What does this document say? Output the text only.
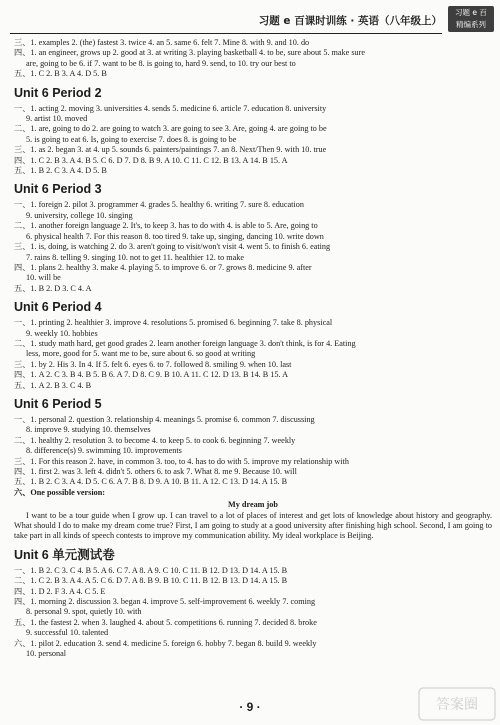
习题 e 百课时训练 · 英语（八年级上）
习题 e 百
精编系列
三、1. examples 2. (the) fastest 3. twice 4. an 5. same 6. felt 7. Mine 8. with 9. and 10. do
四、1. an engineer, grows up 2. good at 3. at writing 3. playing basketball 4. to be, sure about 5. make sure
are, going to be 6. if 7. want to be 8. is going to, hard 9. send, to 10. try our best to
五、1. C 2. B 3. A 4. D 5. B
Unit 6 Period 2
一、1. acting 2. moving 3. universities 4. sends 5. medicine 6. article 7. education 8. university
9. artist 10. moved
二、1. are, going to do 2. are going to watch 3. are going to see 3. Are, going 4. are going to be
5. is going to eat 6. Is, going to exercise 7. does 8. is going to be
三、1. as 2. began 3. at 4. up 5. sounds 6. painters/paintings 7. an 8. Next/Then 9. with 10. true
四、1. C 2. B 3. A 4. B 5. C 6. D 7. D 8. B 9. A 10. C 11. C 12. B 13. A 14. B 15. A
五、1. B 2. C 3. A 4. D 5. B
Unit 6 Period 3
一、1. foreign 2. pilot 3. programmer 4. grades 5. healthy 6. writing 7. sure 8. education
9. university, college 10. singing
二、1. another foreign language 2. It's, to keep 3. has to do with 4. is able to 5. Are, going to
6. physical health 7. For this reason 8. too tired 9. take up, singing, dancing 10. write down
三、1. is, doing, is watching 2. do 3. aren't going to visit/won't visit 4. went 5. to finish 6. eating
7. rains 8. telling 9. singing 10. not to get 11. healthier 12. to make
四、1. plans 2. healthy 3. make 4. playing 5. to improve 6. or 7. grows 8. medicine 9. after
10. will be
五、1. B 2. D 3. C 4. A
Unit 6 Period 4
一、1. printing 2. healthier 3. improve 4. resolutions 5. promised 6. beginning 7. take 8. physical
9. weekly 10. hobbies
二、1. study math hard, get good grades 2. learn another foreign language 3. don't think, is for 4. Eating
less, more, good for 5. want me to be, sure about 6. so good at writing
三、1. by 2. His 3. In 4. If 5. felt 6. eyes 6. to 7. followed 8. smiling 9. when 10. last
四、1. A 2. C 3. B 4. B 5. B 6. A 7. D 8. C 9. B 10. A 11. C 12. D 13. B 14. B 15. A
五、1. A 2. B 3. C 4. B
Unit 6 Period 5
一、1. personal 2. question 3. relationship 4. meanings 5. promise 6. common 7. discussing
8. improve 9. studying 10. themselves
二、1. healthy 2. resolution 3. to become 4. to keep 5. to cook 6. beginning 7. weekly
8. difference(s) 9. swimming 10. improvements
三、1. For this reason 2. have, in common 3. too, to 4. has to do with 5. improve my relationship with
四、1. first 2. was 3. left 4. didn't 5. others 6. to ask 7. What 8. me 9. Because 10. will
五、1. B 2. C 3. A 4. D 5. C 6. A 7. B 8. D 9. A 10. B 11. A 12. C 13. D 14. A 15. B
六、One possible version:
My dream job
I want to be a tour guide when I grow up. I can travel to a lot of places of interest and get lots of knowledge about history and geography. What should I do to make my dream come true? First, I am going to study at a good university after finishing high school. Second, I am going to take part in all kinds of speech contests to improve my communication ability. My ideal workplace is Beijing.
Unit 6 单元测试卷
一、1. B 2. C 3. C 4. B 5. A 6. C 7. A 8. A 9. C 10. C 11. B 12. D 13. D 14. A 15. B
二、1. C 2. B 3. A 4. A 5. C 6. D 7. A 8. B 9. B 10. C 11. B 12. B 13. D 14. A 15. B
四、1. D 2. F 3. A 4. C 5. E
四、1. morning 2. discussion 3. began 4. improve 5. self-improvement 6. weekly 7. coming
8. personal 9. spot, quietly 10. with
五、1. the fastest 2. when 3. laughed 4. about 5. competitions 6. running 7. decided 8. broke
9. successful 10. talented
六、1. pilot 2. education 3. send 4. medicine 5. foreign 6. hobby 7. began 8. build 9. weekly
10. personal
· 9 ·	答案圈
